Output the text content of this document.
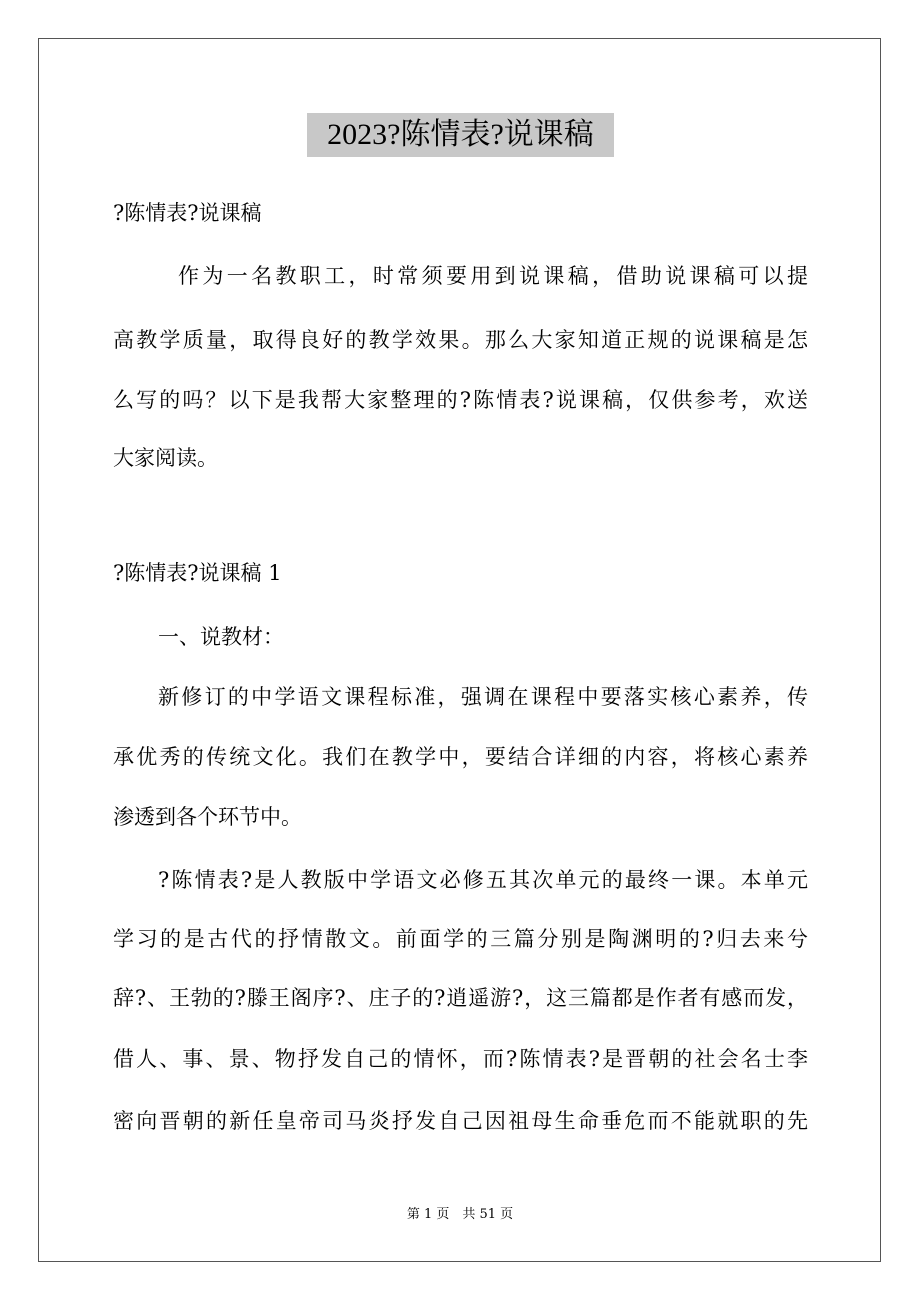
2023?陈情表?说课稿
?陈情表?说课稿
作为一名教职工，时常须要用到说课稿，借助说课稿可以提
高教学质量，取得良好的教学效果。那么大家知道正规的说课稿是怎
么写的吗？以下是我帮大家整理的?陈情表?说课稿，仅供参考，欢送
大家阅读。
?陈情表?说课稿 1
一、说教材：
新修订的中学语文课程标准，强调在课程中要落实核心素养，传
承优秀的传统文化。我们在教学中，要结合详细的内容，将核心素养
渗透到各个环节中。
?陈情表?是人教版中学语文必修五其次单元的最终一课。本单元
学习的是古代的抒情散文。前面学的三篇分别是陶渊明的?归去来兮
辞?、王勃的?滕王阁序?、庄子的?逍遥游?，这三篇都是作者有感而发，
借人、事、景、物抒发自己的情怀，而?陈情表?是晋朝的社会名士李
密向晋朝的新任皇帝司马炎抒发自己因祖母生命垂危而不能就职的先
第 1 页　共 51 页
